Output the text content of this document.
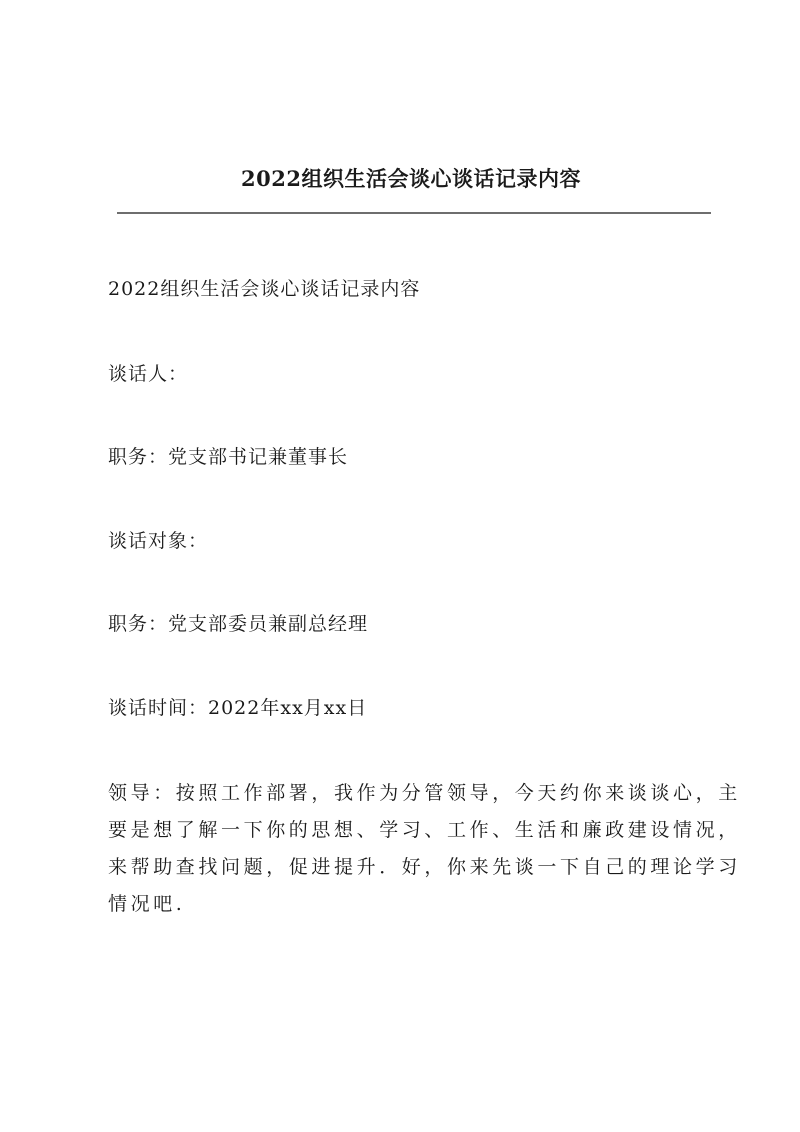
2022组织生活会谈心谈话记录内容
2022组织生活会谈心谈话记录内容
谈话人：
职务：党支部书记兼董事长
谈话对象：
职务：党支部委员兼副总经理
谈话时间：2022年xx月xx日
领导：按照工作部署，我作为分管领导，今天约你来谈谈心，主
要是想了解一下你的思想、学习、工作、生活和廉政建设情况，
来帮助查找问题，促进提升．好，你来先谈一下自己的理论学习
情况吧.
